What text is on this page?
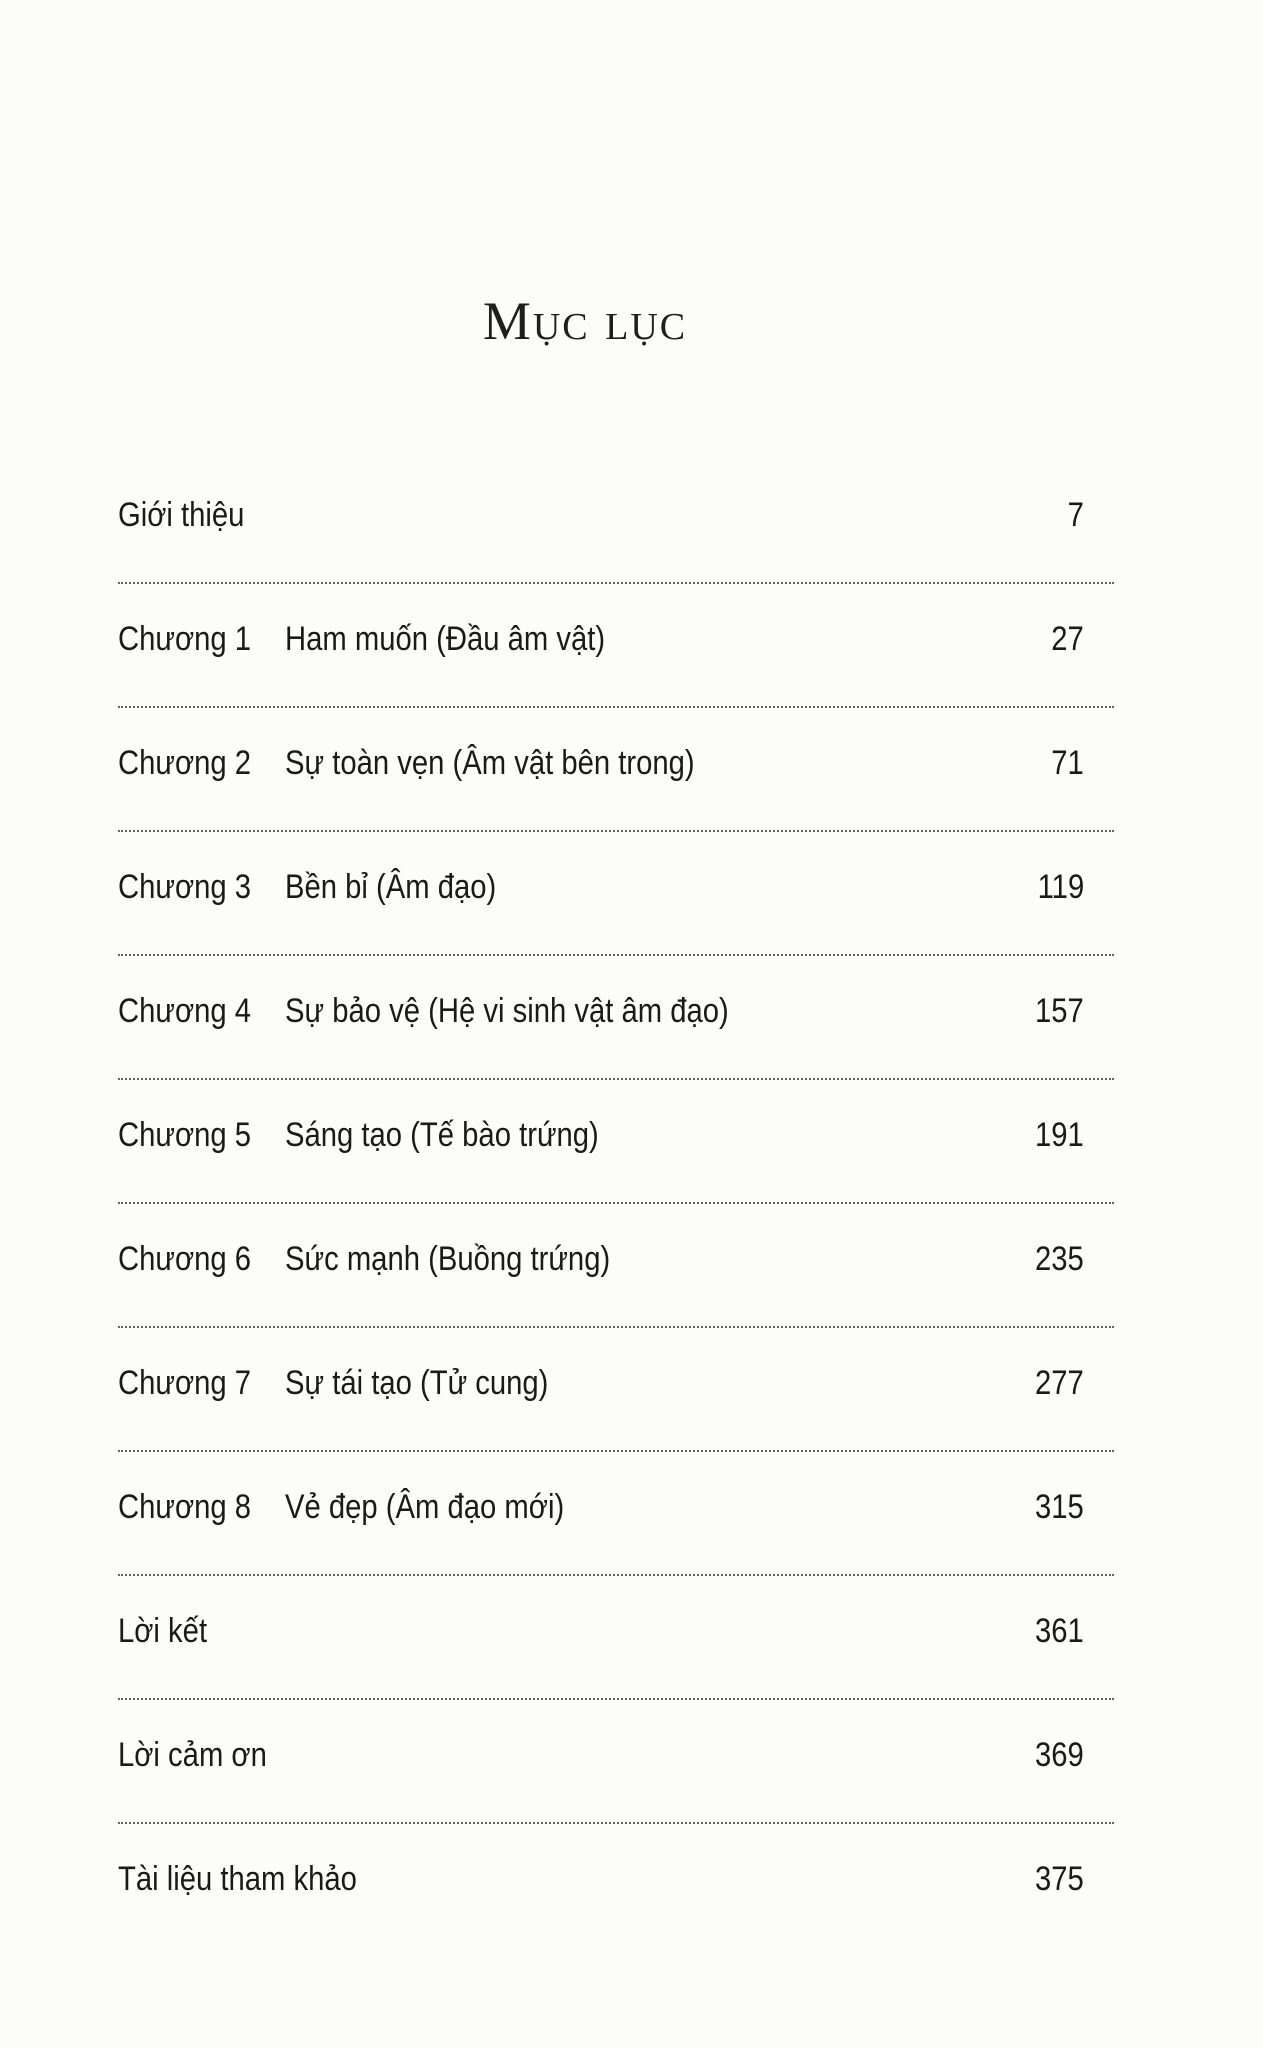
Mục lục
Giới thiệu	7
Chương 1 Ham muốn (Đầu âm vật)	27
Chương 2 Sự toàn vẹn (Âm vật bên trong)	71
Chương 3 Bền bỉ (Âm đạo)	119
Chương 4 Sự bảo vệ (Hệ vi sinh vật âm đạo)	157
Chương 5 Sáng tạo (Tế bào trứng)	191
Chương 6 Sức mạnh (Buồng trứng)	235
Chương 7 Sự tái tạo (Tử cung)	277
Chương 8 Vẻ đẹp (Âm đạo mới)	315
Lời kết	361
Lời cảm ơn	369
Tài liệu tham khảo	375
